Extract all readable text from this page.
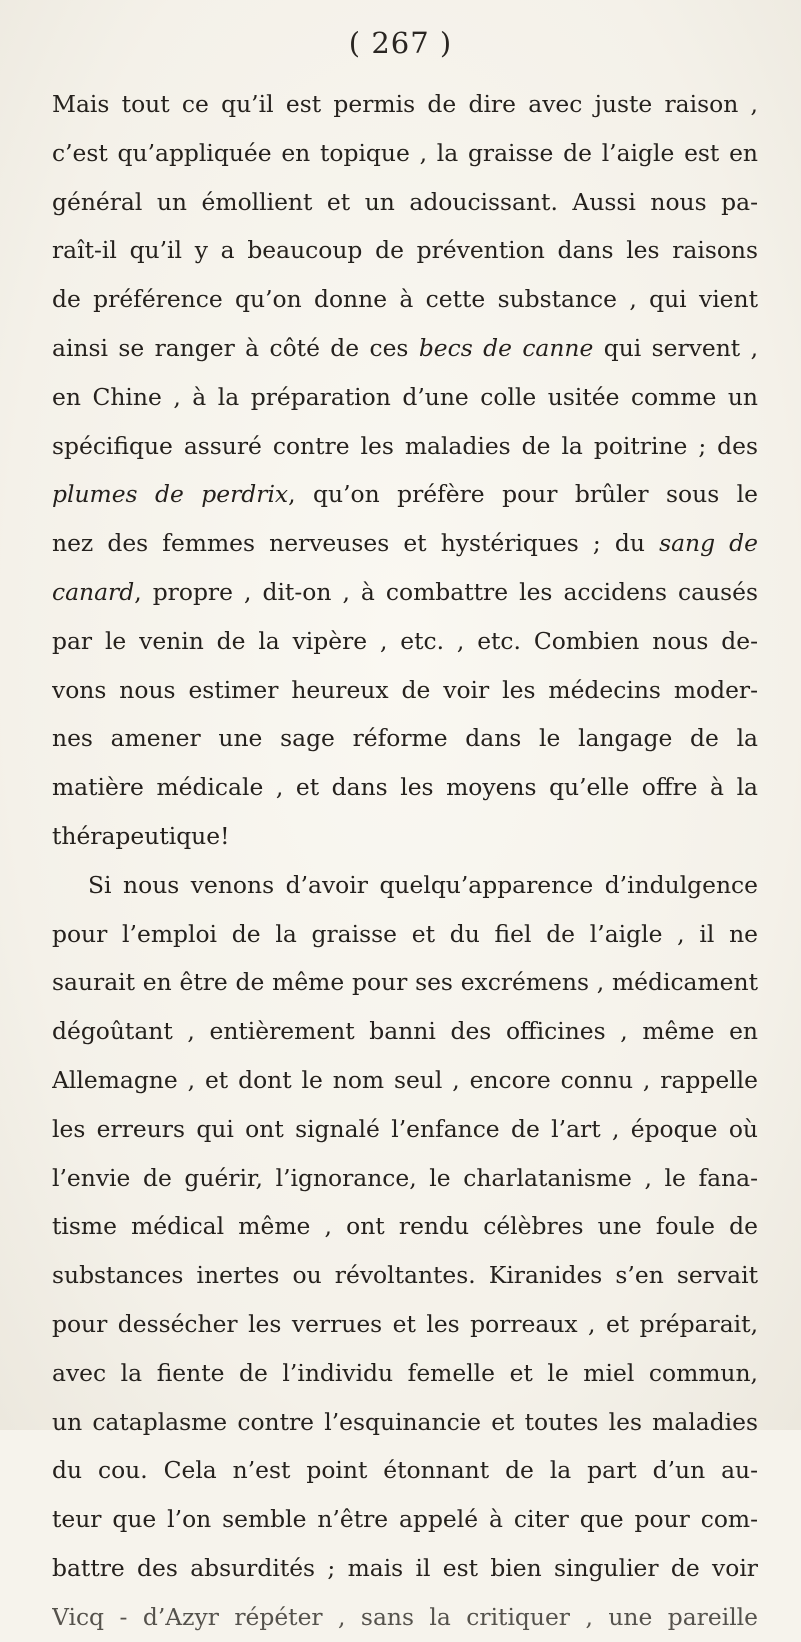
( 267 )
Mais tout ce qu’il est permis de dire avec juste raison ,
c’est qu’appliquée en topique , la graisse de l’aigle est en
général un émollient et un adoucissant. Aussi nous pa-
raît-il qu’il y a beaucoup de prévention dans les raisons
de préférence qu’on donne à cette substance , qui vient
ainsi se ranger à côté de ces becs de canne qui servent ,
en Chine , à la préparation d’une colle usitée comme un
spécifique assuré contre les maladies de la poitrine ; des
plumes de perdrix, qu’on préfère pour brûler sous le
nez des femmes nerveuses et hystériques ; du sang de
canard, propre , dit-on , à combattre les accidens causés
par le venin de la vipère , etc. , etc. Combien nous de-
vons nous estimer heureux de voir les médecins moder-
nes amener une sage réforme dans le langage de la
matière médicale , et dans les moyens qu’elle offre à la
thérapeutique!
Si nous venons d’avoir quelqu’apparence d’indulgence
pour l’emploi de la graisse et du fiel de l’aigle , il ne
saurait en être de même pour ses excrémens , médicament
dégoûtant , entièrement banni des officines , même en
Allemagne , et dont le nom seul , encore connu , rappelle
les erreurs qui ont signalé l’enfance de l’art , époque où
l’envie de guérir, l’ignorance, le charlatanisme , le fana-
tisme médical même , ont rendu célèbres une foule de
substances inertes ou révoltantes. Kiranides s’en servait
pour dessécher les verrues et les porreaux , et préparait,
avec la fiente de l’individu femelle et le miel commun,
un cataplasme contre l’esquinancie et toutes les maladies
du cou. Cela n’est point étonnant de la part d’un au-
teur que l’on semble n’être appelé à citer que pour com-
battre des absurdités ; mais il est bien singulier de voir
Vicq - d’Azyr répéter , sans la critiquer , une pareille
